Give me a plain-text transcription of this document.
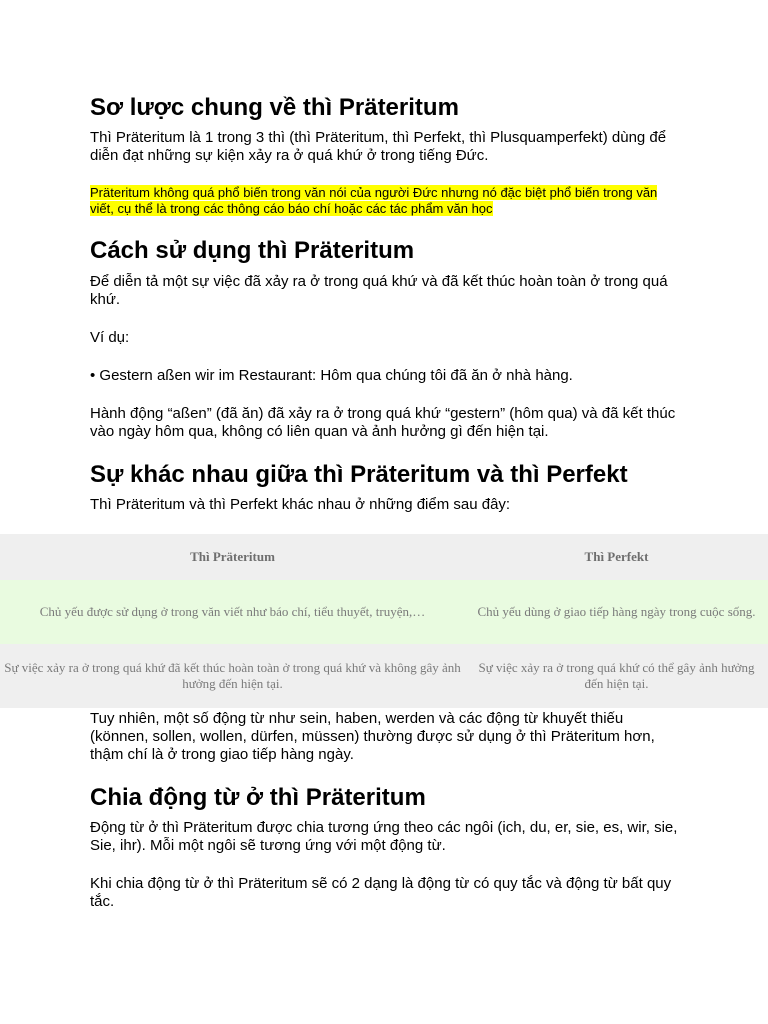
Sơ lược chung về thì Präteritum

Thì Präteritum là 1 trong 3 thì (thì Präteritum, thì Perfekt, thì Plusquamperfekt) dùng để diễn đạt những sự kiện xảy ra ở quá khứ ở trong tiếng Đức.

Präteritum không quá phổ biến trong văn nói của người Đức nhưng nó đặc biệt phổ biến trong văn viết, cụ thể là trong các thông cáo báo chí hoặc các tác phẩm văn học

Cách sử dụng thì Präteritum

Để diễn tả một sự việc đã xảy ra ở trong quá khứ và đã kết thúc hoàn toàn ở trong quá khứ.

Ví dụ:

• Gestern aßen wir im Restaurant: Hôm qua chúng tôi đã ăn ở nhà hàng.

Hành động “aßen” (đã ăn) đã xảy ra ở trong quá khứ “gestern” (hôm qua) và đã kết thúc vào ngày hôm qua, không có liên quan và ảnh hưởng gì đến hiện tại.

Sự khác nhau giữa thì Präteritum và thì Perfekt

Thì Präteritum và thì Perfekt khác nhau ở những điểm sau đây:

Thì Präteritum	Thì Perfekt
Chủ yếu được sử dụng ở trong văn viết như báo chí, tiểu thuyết, truyện,…	Chủ yếu dùng ở giao tiếp hàng ngày trong cuộc sống.
Sự việc xảy ra ở trong quá khứ đã kết thúc hoàn toàn ở trong quá khứ và không gây ảnh hưởng đến hiện tại.	Sự việc xảy ra ở trong quá khứ có thể gây ảnh hưởng đến hiện tại.

Tuy nhiên, một số động từ như sein, haben, werden và các động từ khuyết thiếu (können, sollen, wollen, dürfen, müssen) thường được sử dụng ở thì Präteritum hơn, thậm chí là ở trong giao tiếp hàng ngày.

Chia động từ ở thì Präteritum

Động từ ở thì Präteritum được chia tương ứng theo các ngôi (ich, du, er, sie, es, wir, sie, Sie, ihr). Mỗi một ngôi sẽ tương ứng với một động từ.

Khi chia động từ ở thì Präteritum sẽ có 2 dạng là động từ có quy tắc và động từ bất quy tắc.
